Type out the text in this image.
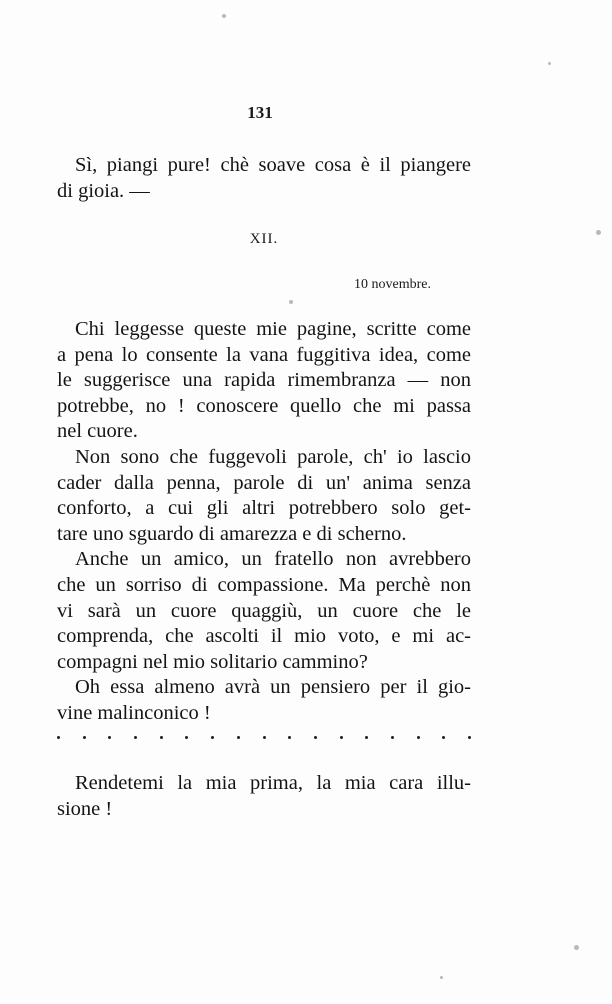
131
Sì, piangi pure! chè soave cosa è il piangere
di gioia. —
XII.
10 novembre.
Chi leggesse queste mie pagine, scritte come
a pena lo consente la vana fuggitiva idea, come
le suggerisce una rapida rimembranza — non
potrebbe, no ! conoscere quello che mi passa
nel cuore.
Non sono che fuggevoli parole, ch' io lascio
cader dalla penna, parole di un' anima senza
conforto, a cui gli altri potrebbero solo get-
tare uno sguardo di amarezza e di scherno.
Anche un amico, un fratello non avrebbero
che un sorriso di compassione. Ma perchè non
vi sarà un cuore quaggiù, un cuore che le
comprenda, che ascolti il mio voto, e mi ac-
compagni nel mio solitario cammino?
Oh essa almeno avrà un pensiero per il gio-
vine malinconico !
Rendetemi la mia prima, la mia cara illu-
sione !
